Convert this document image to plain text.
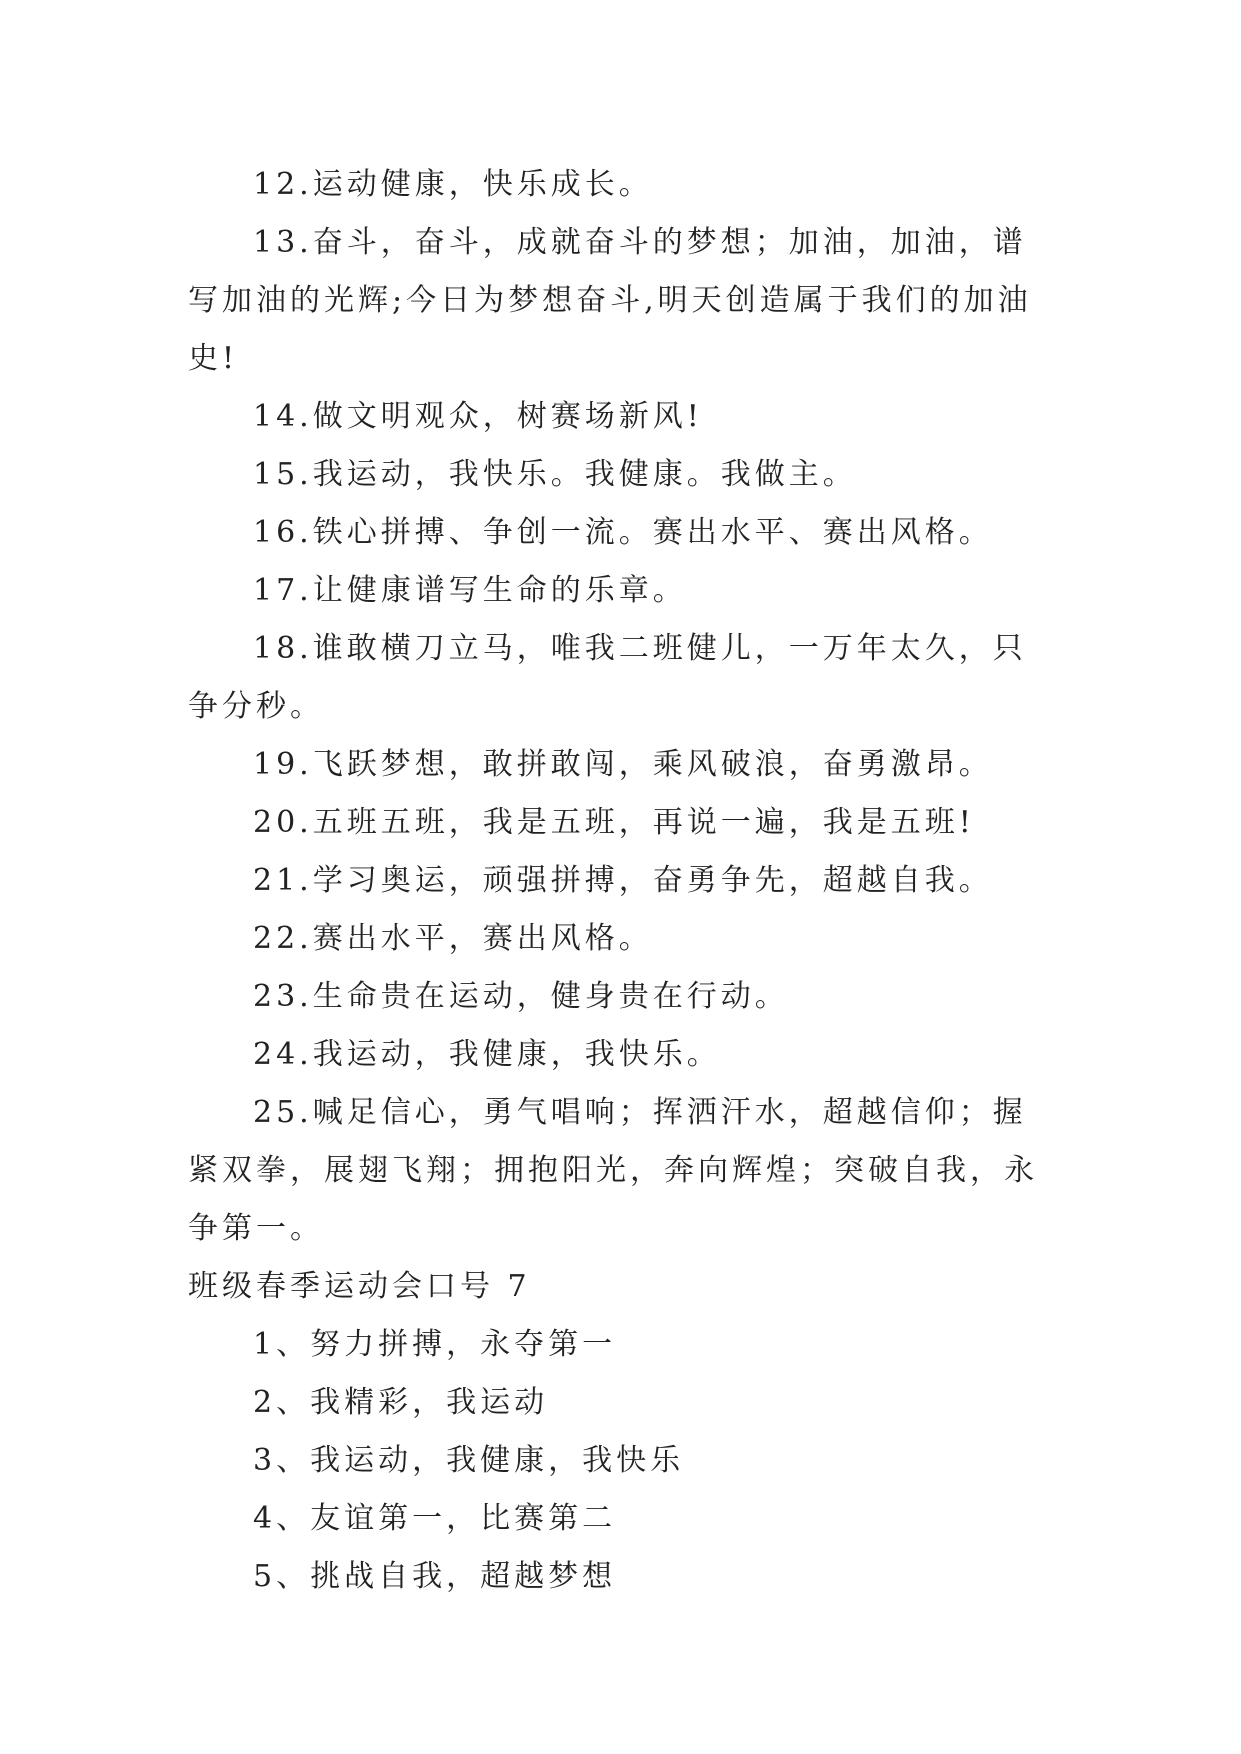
12.运动健康，快乐成长。

13.奋斗，奋斗，成就奋斗的梦想；加油，加油，谱写加油的光辉;今日为梦想奋斗,明天创造属于我们的加油史!

14.做文明观众，树赛场新风!

15.我运动，我快乐。我健康。我做主。

16.铁心拼搏、争创一流。赛出水平、赛出风格。

17.让健康谱写生命的乐章。

18.谁敢横刀立马，唯我二班健儿，一万年太久，只争分秒。

19.飞跃梦想，敢拼敢闯，乘风破浪，奋勇激昂。

20.五班五班，我是五班，再说一遍，我是五班!

21.学习奥运，顽强拼搏，奋勇争先，超越自我。

22.赛出水平，赛出风格。

23.生命贵在运动，健身贵在行动。

24.我运动，我健康，我快乐。

25.喊足信心，勇气唱响；挥洒汗水，超越信仰；握紧双拳，展翅飞翔；拥抱阳光，奔向辉煌；突破自我，永争第一。

班级春季运动会口号 7

1、努力拼搏，永夺第一

2、我精彩，我运动

3、我运动，我健康，我快乐

4、友谊第一，比赛第二

5、挑战自我，超越梦想
